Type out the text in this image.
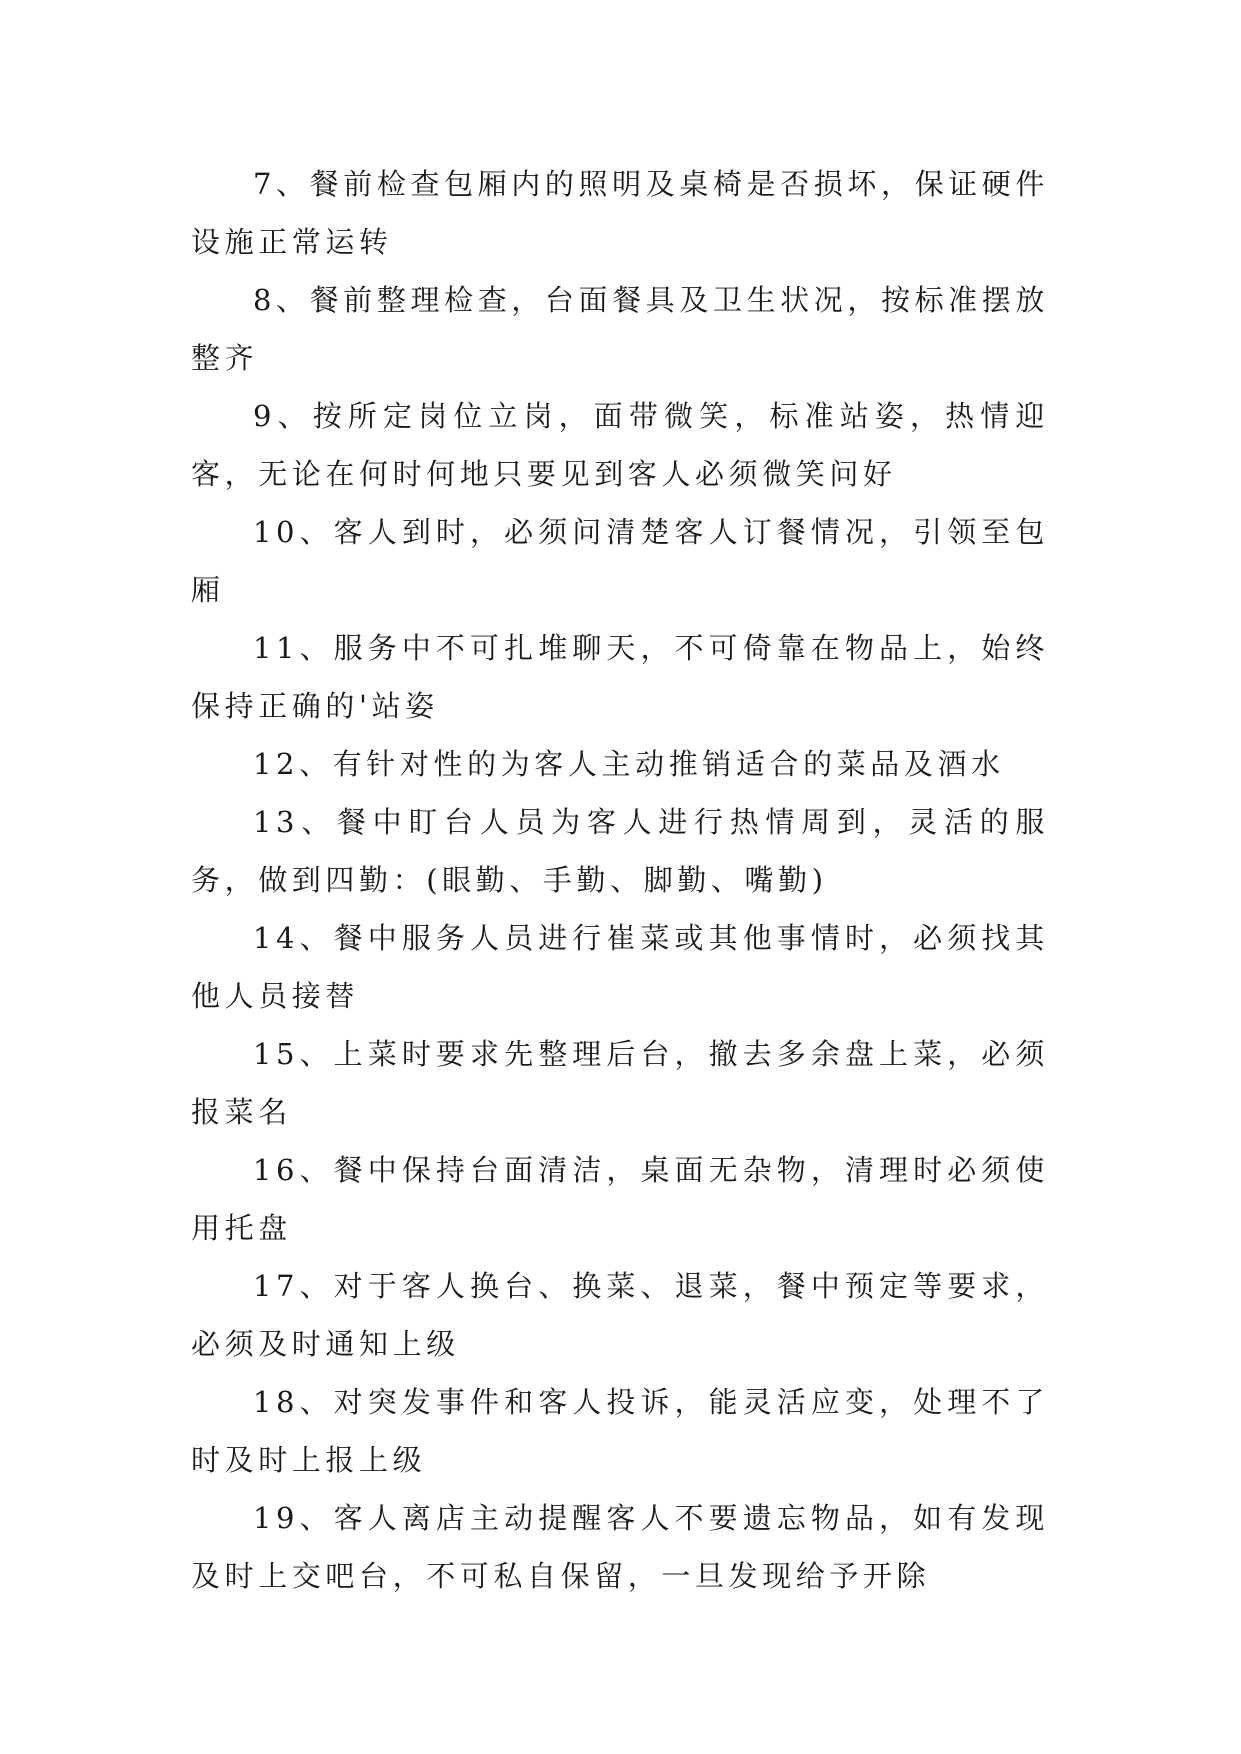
7、餐前检查包厢内的照明及桌椅是否损坏，保证硬件设施正常运转

8、餐前整理检查，台面餐具及卫生状况，按标准摆放整齐

9、按所定岗位立岗，面带微笑，标准站姿，热情迎客，无论在何时何地只要见到客人必须微笑问好

10、客人到时，必须问清楚客人订餐情况，引领至包厢

11、服务中不可扎堆聊天，不可倚靠在物品上，始终保持正确的'站姿

12、有针对性的为客人主动推销适合的菜品及酒水

13、餐中盯台人员为客人进行热情周到，灵活的服务，做到四勤：(眼勤、手勤、脚勤、嘴勤)

14、餐中服务人员进行崔菜或其他事情时，必须找其他人员接替

15、上菜时要求先整理后台，撤去多余盘上菜，必须报菜名

16、餐中保持台面清洁，桌面无杂物，清理时必须使用托盘

17、对于客人换台、换菜、退菜，餐中预定等要求，必须及时通知上级

18、对突发事件和客人投诉，能灵活应变，处理不了时及时上报上级

19、客人离店主动提醒客人不要遗忘物品，如有发现及时上交吧台，不可私自保留，一旦发现给予开除
